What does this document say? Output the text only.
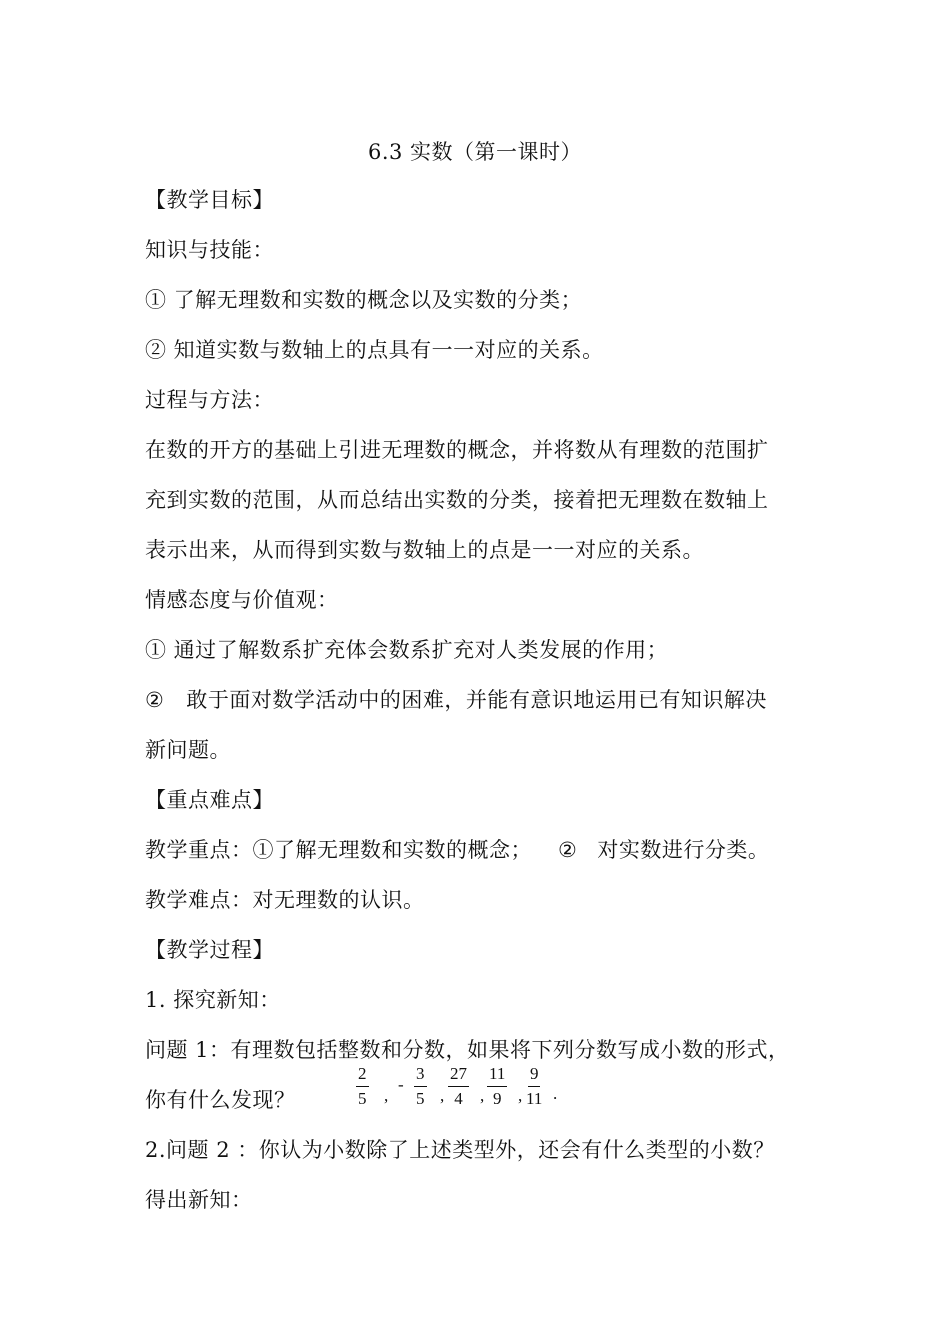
6.3 实数（第一课时）
【教学目标】
知识与技能：
① 了解无理数和实数的概念以及实数的分类；
② 知道实数与数轴上的点具有一一对应的关系。
过程与方法：
在数的开方的基础上引进无理数的概念，并将数从有理数的范围扩
充到实数的范围，从而总结出实数的分类，接着把无理数在数轴上
表示出来，从而得到实数与数轴上的点是一一对应的关系。
情感态度与价值观：
① 通过了解数系扩充体会数系扩充对人类发展的作用；
② 敢于面对数学活动中的困难，并能有意识地运用已有知识解决
新问题。
【重点难点】
教学重点：①了解无理数和实数的概念； ② 对实数进行分类。
教学难点：对无理数的认识。
【教学过程】
1. 探究新知：
问题 1：有理数包括整数和分数，如果将下列分数写成小数的形式，
你有什么发现？	$\frac{2}{5}$ ,
- $\frac{3}{5}$ , $\frac{27}{4}$ , $\frac{11}{9}$ , $\frac{9}{11}$ .
2.问题 2 ：你认为小数除了上述类型外，还会有什么类型的小数？
得出新知：
